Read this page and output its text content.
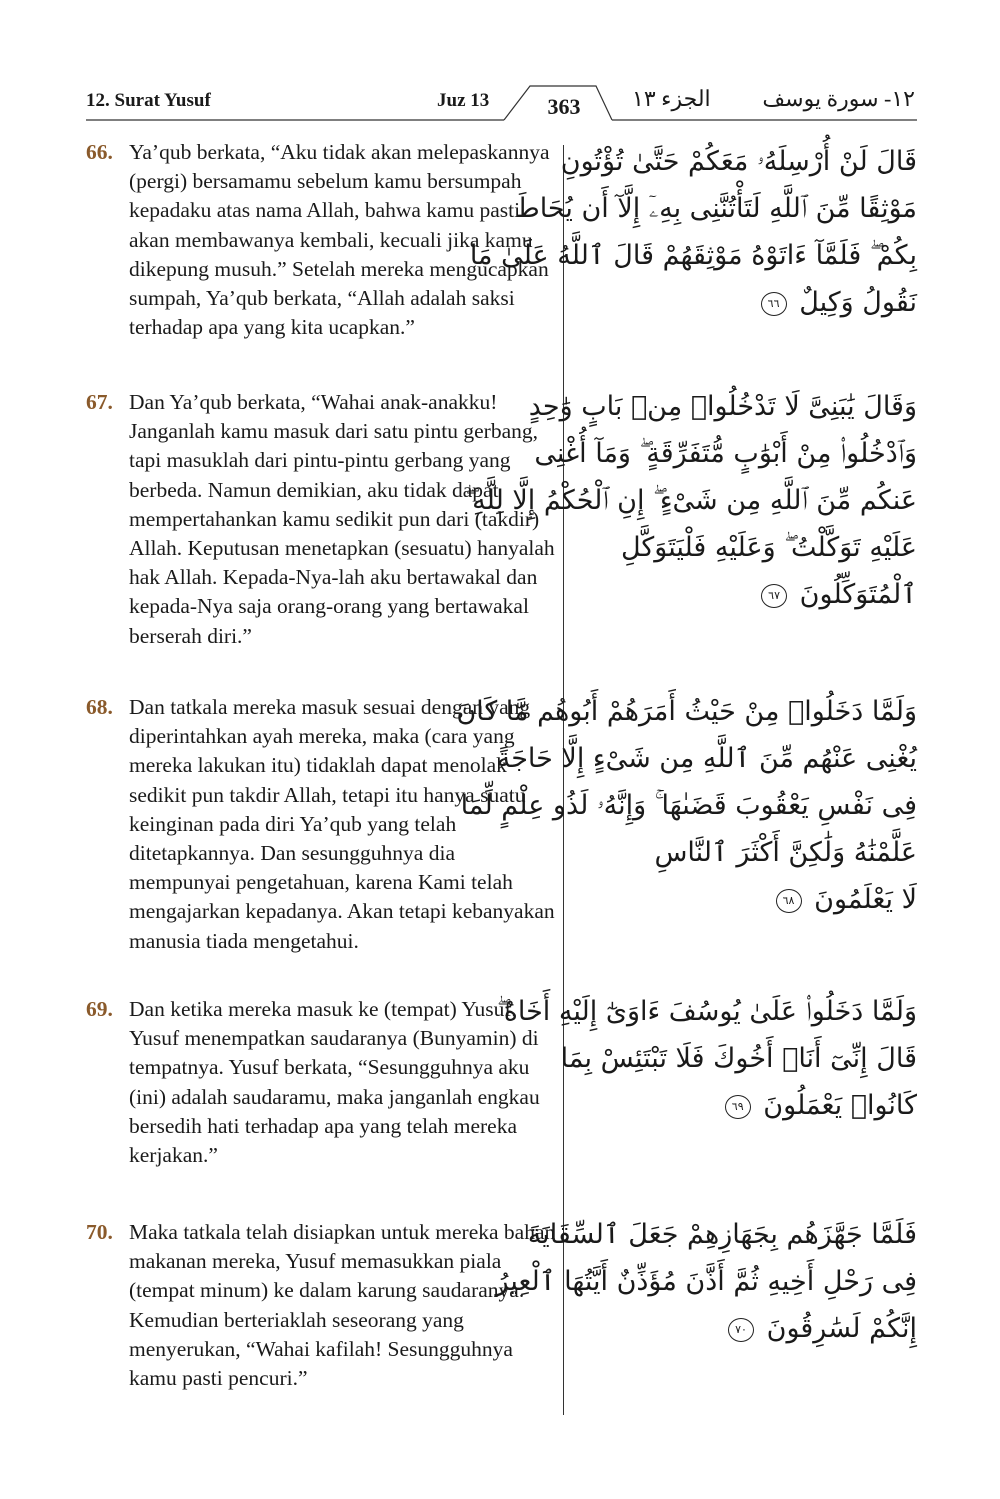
12. Surat Yusuf	Juz 13	363	الجزء ١٣ ١٢- سورة يوسف
66. Ya’qub berkata, “Aku tidak akan melepaskannya (pergi) bersamamu sebelum kamu bersumpah kepadaku atas nama Allah, bahwa kamu pasti akan membawanya kembali, kecuali jika kamu dikepung musuh.” Setelah mereka mengucapkan sumpah, Ya’qub berkata, “Allah adalah saksi terhadap apa yang kita ucapkan.”
67. Dan Ya’qub berkata, “Wahai anak-anakku! Janganlah kamu masuk dari satu pintu gerbang, tapi masuklah dari pintu-pintu gerbang yang berbeda. Namun demikian, aku tidak dapat mempertahankan kamu sedikit pun dari (takdir) Allah. Keputusan menetapkan (sesuatu) hanyalah hak Allah. Kepada-Nya-lah aku bertawakal dan kepada-Nya saja orang-orang yang bertawakal berserah diri.”
68. Dan tatkala mereka masuk sesuai dengan yang diperintahkan ayah mereka, maka (cara yang mereka lakukan itu) tidaklah dapat menolak sedikit pun takdir Allah, tetapi itu hanya suatu keinginan pada diri Ya’qub yang telah ditetapkannya. Dan sesungguhnya dia mempunyai pengetahuan, karena Kami telah mengajarkan kepadanya. Akan tetapi kebanyakan manusia tiada mengetahui.
69. Dan ketika mereka masuk ke (tempat) Yusuf, Yusuf menempatkan saudaranya (Bunyamin) di tempatnya. Yusuf berkata, “Sesungguhnya aku (ini) adalah saudaramu, maka janganlah engkau bersedih hati terhadap apa yang telah mereka kerjakan.”
70. Maka tatkala telah disiapkan untuk mereka bahan makanan mereka, Yusuf memasukkan piala (tempat minum) ke dalam karung saudaranya. Kemudian berteriaklah seseorang yang menyerukan, “Wahai kafilah! Sesungguhnya kamu pasti pencuri.”
قَالَ لَنْ أُرْسِلَهُۥ مَعَكُمْ حَتَّىٰ تُؤْتُونِ
مَوْثِقًا مِّنَ ٱللَّهِ لَتَأْتُنَّنِى بِهِۦٓ إِلَّآ أَن يُحَاطَ
بِكُمْ ۖ فَلَمَّآ ءَاتَوْهُ مَوْثِقَهُمْ قَالَ ٱللَّهُ عَلَىٰ مَا
نَقُولُ وَكِيلٌ ٦٦
وَقَالَ يَٰبَنِىَّ لَا تَدْخُلُوا۟ مِنۢ بَابٍ وَٰحِدٍ
وَٱدْخُلُوا۟ مِنْ أَبْوَٰبٍ مُّتَفَرِّقَةٍ ۖ وَمَآ أُغْنِى
عَنكُم مِّنَ ٱللَّهِ مِن شَىْءٍ ۖ إِنِ ٱلْحُكْمُ إِلَّا لِلَّهِ ۖ
عَلَيْهِ تَوَكَّلْتُ ۖ وَعَلَيْهِ فَلْيَتَوَكَّلِ
ٱلْمُتَوَكِّلُونَ ٦٧
وَلَمَّا دَخَلُوا۟ مِنْ حَيْثُ أَمَرَهُمْ أَبُوهُم مَّا كَانَ
يُغْنِى عَنْهُم مِّنَ ٱللَّهِ مِن شَىْءٍ إِلَّا حَاجَةً
فِى نَفْسِ يَعْقُوبَ قَضَىٰهَا ۚ وَإِنَّهُۥ لَذُو عِلْمٍ لِّمَا
عَلَّمْنَٰهُ وَلَٰكِنَّ أَكْثَرَ ٱلنَّاسِ
لَا يَعْلَمُونَ ٦٨
وَلَمَّا دَخَلُوا۟ عَلَىٰ يُوسُفَ ءَاوَىٰٓ إِلَيْهِ أَخَاهُ ۖ
قَالَ إِنِّىٓ أَنَا۠ أَخُوكَ فَلَا تَبْتَئِسْ بِمَا
كَانُوا۟ يَعْمَلُونَ ٦٩
فَلَمَّا جَهَّزَهُم بِجَهَازِهِمْ جَعَلَ ٱلسِّقَايَةَ
فِى رَحْلِ أَخِيهِ ثُمَّ أَذَّنَ مُؤَذِّنٌ أَيَّتُهَا ٱلْعِيرُ
إِنَّكُمْ لَسَٰرِقُونَ ٧٠
